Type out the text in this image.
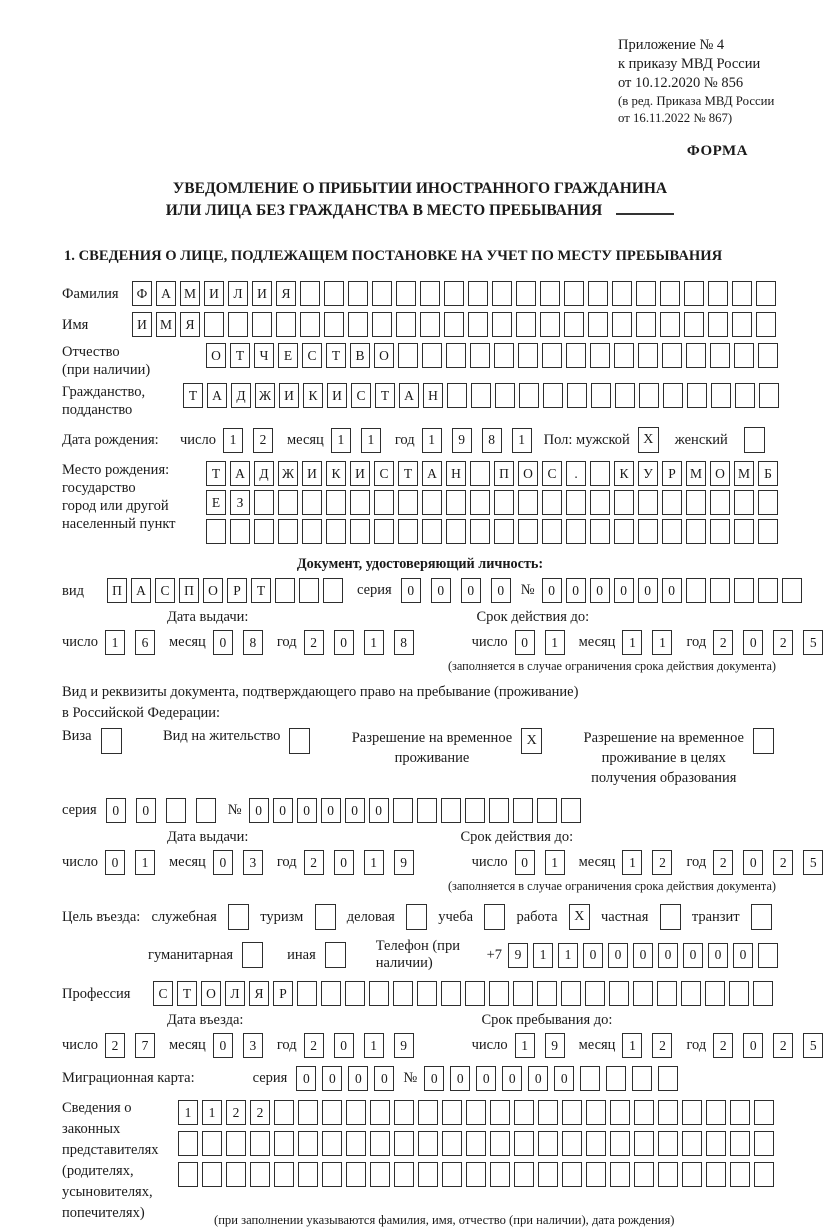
Приложение № 4
к приказу МВД России
от 10.12.2020 № 856
(в ред. Приказа МВД России
от 16.11.2022 № 867)
ФОРМА
УВЕДОМЛЕНИЕ О ПРИБЫТИИ ИНОСТРАННОГО ГРАЖДАНИНА
ИЛИ ЛИЦА БЕЗ ГРАЖДАНСТВА В МЕСТО ПРЕБЫВАНИЯ
1. СВЕДЕНИЯ О ЛИЦЕ, ПОДЛЕЖАЩЕМ ПОСТАНОВКЕ НА УЧЕТ ПО МЕСТУ ПРЕБЫВАНИЯ
Фамилия	Ф	А М И	Л	И	Я
Имя	И М Я
Отчество
(при наличии)
О	Т	Ч	Е	С	Т	В	О
Гражданство,
подданство
Т	А	Д Ж И	К	И	С	Т	А	Н
Дата рождения:	число	1	2	месяц	1	1	год	1	9	8	1	Пол: мужской X	женский
Место рождения:
государство
город или другой
населенный пункт
Т	А	Д Ж И	К	И	С	Т	А	Н	П	О	С	.	К	У	Р	М О М	Б
Е	З
Документ, удостоверяющий личность:
вид	П	А	С	П	О	Р	Т	серия	0	0	0	0	№	0	0	0	0	0	0
Дата выдачи:	Срок действия до:
число	1	6	месяц	0	8	год	2	0	1	8	число	0	1	месяц	1	1	год	2	0	2	5
(заполняется в случае ограничения срока действия документа)
Вид и реквизиты документа, подтверждающего право на пребывание (проживание)
в Российской Федерации:
Виза	Вид на жительство	Разрешение на временное
проживание
X	Разрешение на временное
проживание в целях
получения образования
серия	0	0	№	0	0	0	0	0	0
Дата выдачи:	Срок действия до:
число	0	1	месяц	0	3	год	2	0	1	9	число	0	1	месяц	1	2	год	2	0	2	5
(заполняется в случае ограничения срока действия документа)
Цель въезда: служебная	туризм	деловая	учеба	работа	X	частная	транзит
гуманитарная	иная
Телефон (при наличии)
+7 9	1	1	0	0	0	0	0	0	0
Профессия	С	Т	О	Л	Я	Р
Дата въезда:	Срок пребывания до:
число	2	7	месяц	0	3	год	2	0	1	9	число	1	9	месяц	1	2	год	2	0	2	5
Миграционная карта:	серия	0	0	0	0	№	0	0	0	0	0	0
Сведения о
законных
представителях
(родителях,
усыновителях,
попечителях)
1	1	2	2
(при заполнении указываются фамилия, имя, отчество (при наличии), дата рождения)
